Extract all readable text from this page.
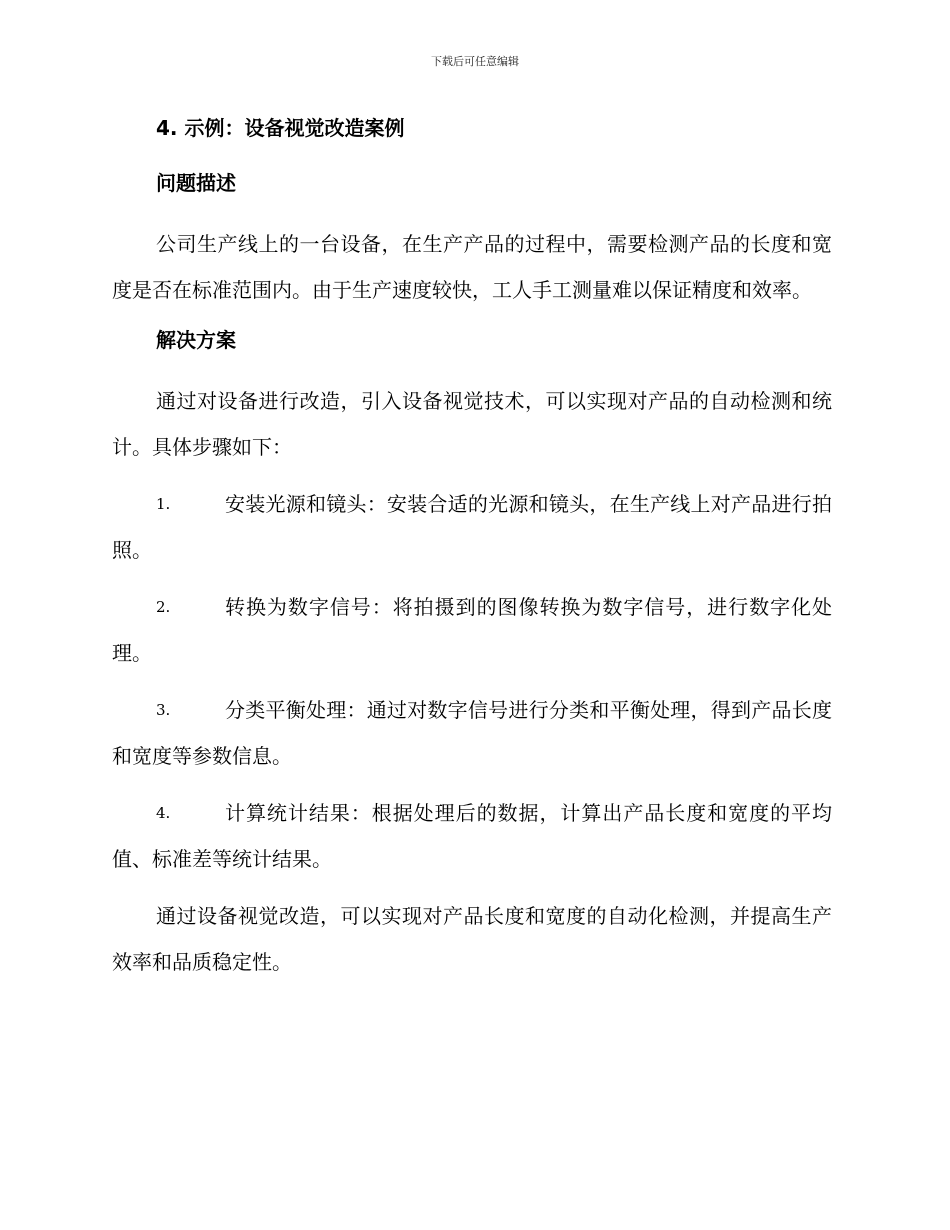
下载后可任意编辑

4. 示例：设备视觉改造案例

问题描述

公司生产线上的一台设备，在生产产品的过程中，需要检测产品的长度和宽度是否在标准范围内。由于生产速度较快，工人手工测量难以保证精度和效率。

解决方案

通过对设备进行改造，引入设备视觉技术，可以实现对产品的自动检测和统计。具体步骤如下：

1.	安装光源和镜头：安装合适的光源和镜头，在生产线上对产品进行拍照。
2.	转换为数字信号：将拍摄到的图像转换为数字信号，进行数字化处理。
3.	分类平衡处理：通过对数字信号进行分类和平衡处理，得到产品长度和宽度等参数信息。
4.	计算统计结果：根据处理后的数据，计算出产品长度和宽度的平均值、标准差等统计结果。

通过设备视觉改造，可以实现对产品长度和宽度的自动化检测，并提高生产效率和品质稳定性。
